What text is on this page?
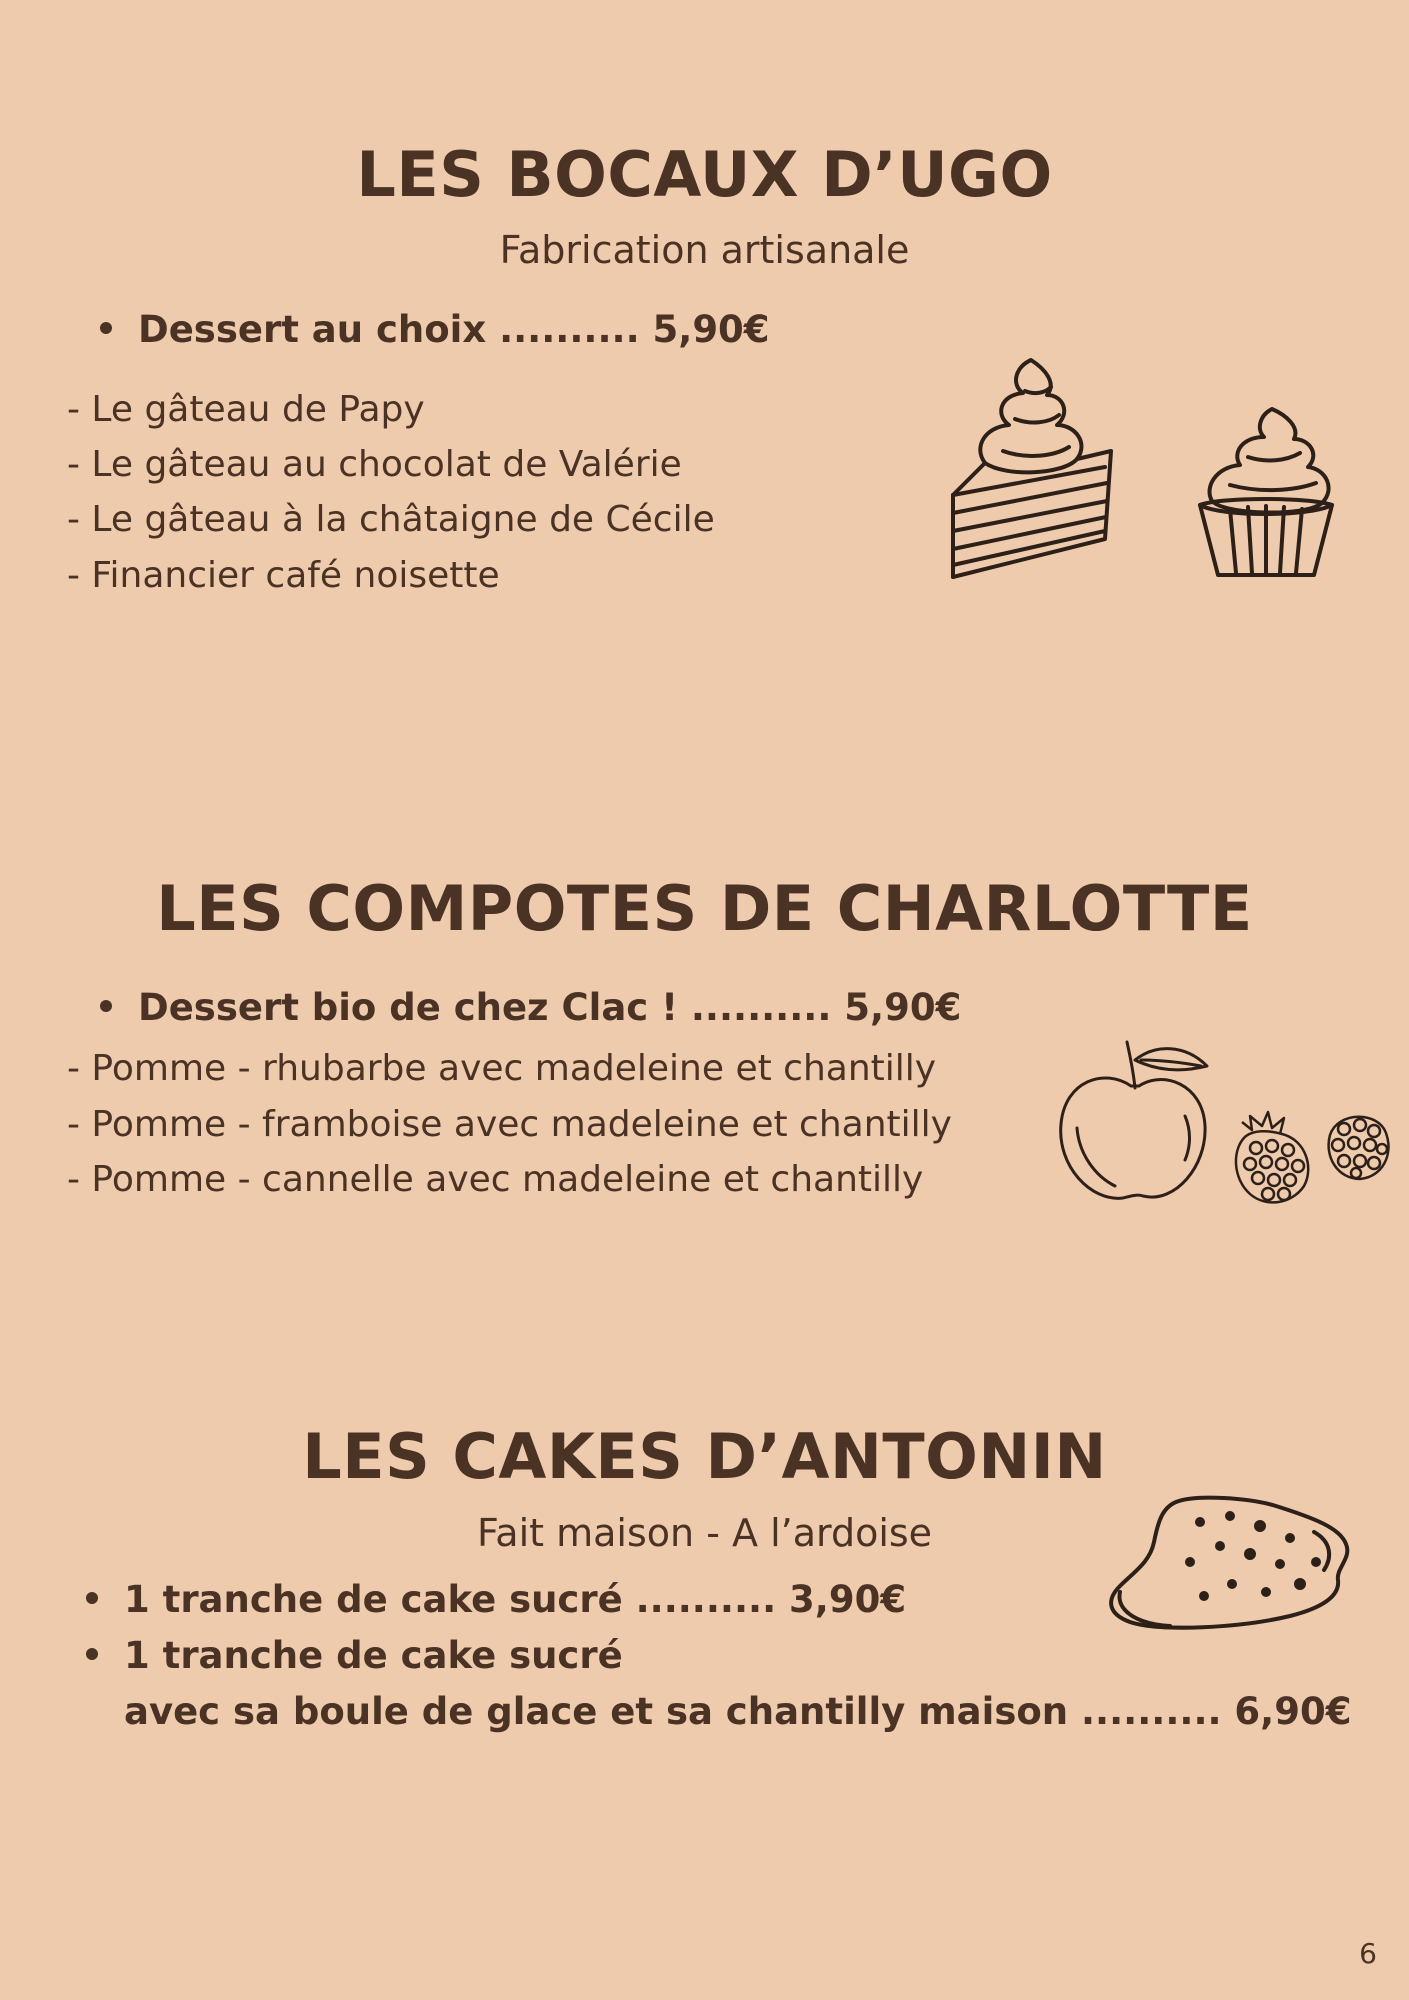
LES BOCAUX D’UGO
Fabrication artisanale
Dessert au choix .......... 5,90€
- Le gâteau de Papy
- Le gâteau au chocolat de Valérie
- Le gâteau à la châtaigne de Cécile
- Financier café noisette
LES COMPOTES DE CHARLOTTE
Dessert bio de chez Clac ! .......... 5,90€
- Pomme - rhubarbe avec madeleine et chantilly
- Pomme - framboise avec madeleine et chantilly
- Pomme - cannelle avec madeleine et chantilly
LES CAKES D’ANTONIN
Fait maison - A l’ardoise
1 tranche de cake sucré .......... 3,90€
1 tranche de cake sucré
avec sa boule de glace et sa chantilly maison .......... 6,90€
6
